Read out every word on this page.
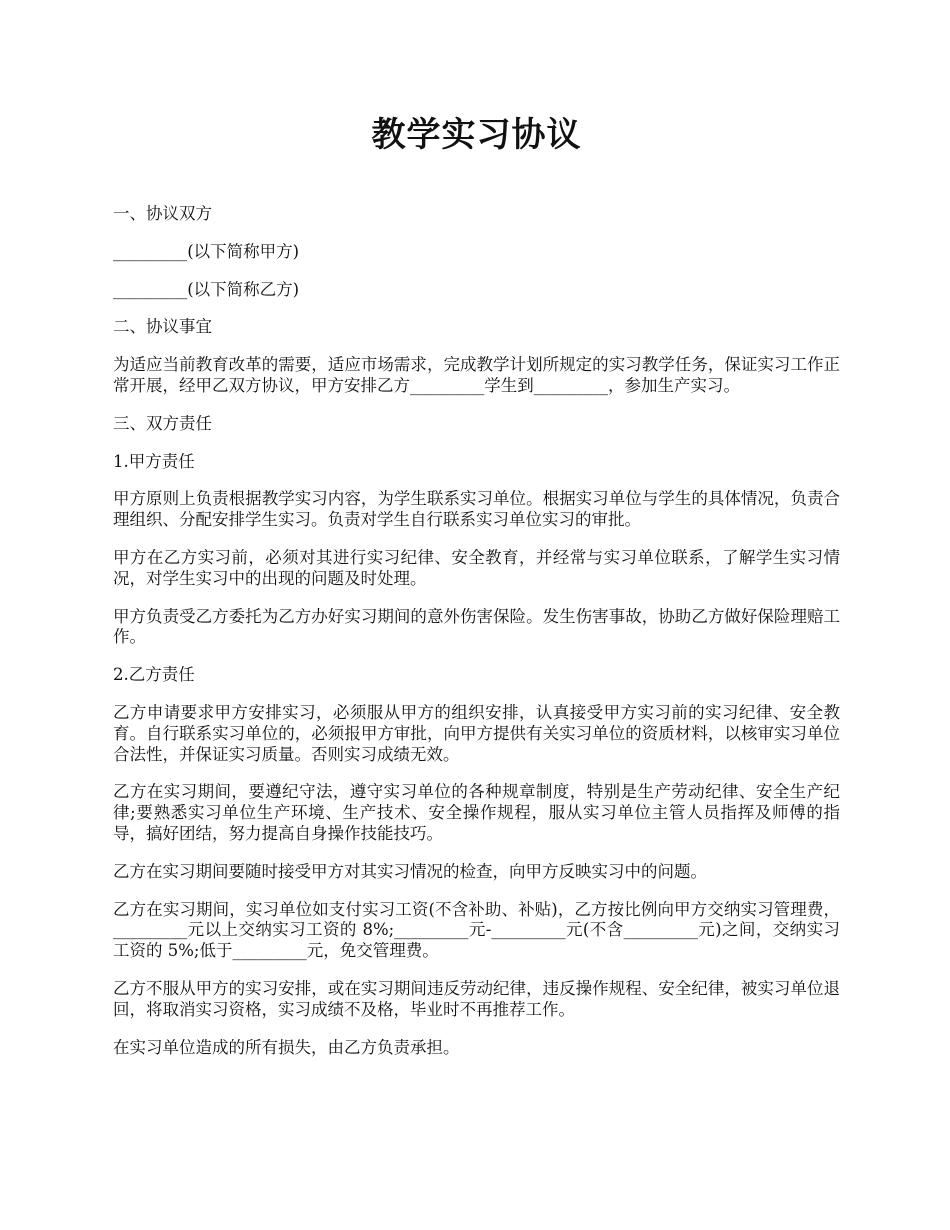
教学实习协议

一、协议双方

_________(以下简称甲方)

_________(以下简称乙方)

二、协议事宜

为适应当前教育改革的需要，适应市场需求，完成教学计划所规定的实习教学任务，保证实习工作正常开展，经甲乙双方协议，甲方安排乙方_________学生到_________，参加生产实习。

三、双方责任

1.甲方责任

甲方原则上负责根据教学实习内容，为学生联系实习单位。根据实习单位与学生的具体情况，负责合理组织、分配安排学生实习。负责对学生自行联系实习单位实习的审批。

甲方在乙方实习前，必须对其进行实习纪律、安全教育，并经常与实习单位联系，了解学生实习情况，对学生实习中的出现的问题及时处理。

甲方负责受乙方委托为乙方办好实习期间的意外伤害保险。发生伤害事故，协助乙方做好保险理赔工作。

2.乙方责任

乙方申请要求甲方安排实习，必须服从甲方的组织安排，认真接受甲方实习前的实习纪律、安全教育。自行联系实习单位的，必须报甲方审批，向甲方提供有关实习单位的资质材料，以核审实习单位合法性，并保证实习质量。否则实习成绩无效。

乙方在实习期间，要遵纪守法，遵守实习单位的各种规章制度，特别是生产劳动纪律、安全生产纪律;要熟悉实习单位生产环境、生产技术、安全操作规程，服从实习单位主管人员指挥及师傅的指导，搞好团结，努力提高自身操作技能技巧。

乙方在实习期间要随时接受甲方对其实习情况的检查，向甲方反映实习中的问题。

乙方在实习期间，实习单位如支付实习工资(不含补助、补贴)，乙方按比例向甲方交纳实习管理费，_________元以上交纳实习工资的 8%;_________元-_________元(不含_________元)之间，交纳实习工资的 5%;低于_________元，免交管理费。

乙方不服从甲方的实习安排，或在实习期间违反劳动纪律，违反操作规程、安全纪律，被实习单位退回，将取消实习资格，实习成绩不及格，毕业时不再推荐工作。

在实习单位造成的所有损失，由乙方负责承担。
